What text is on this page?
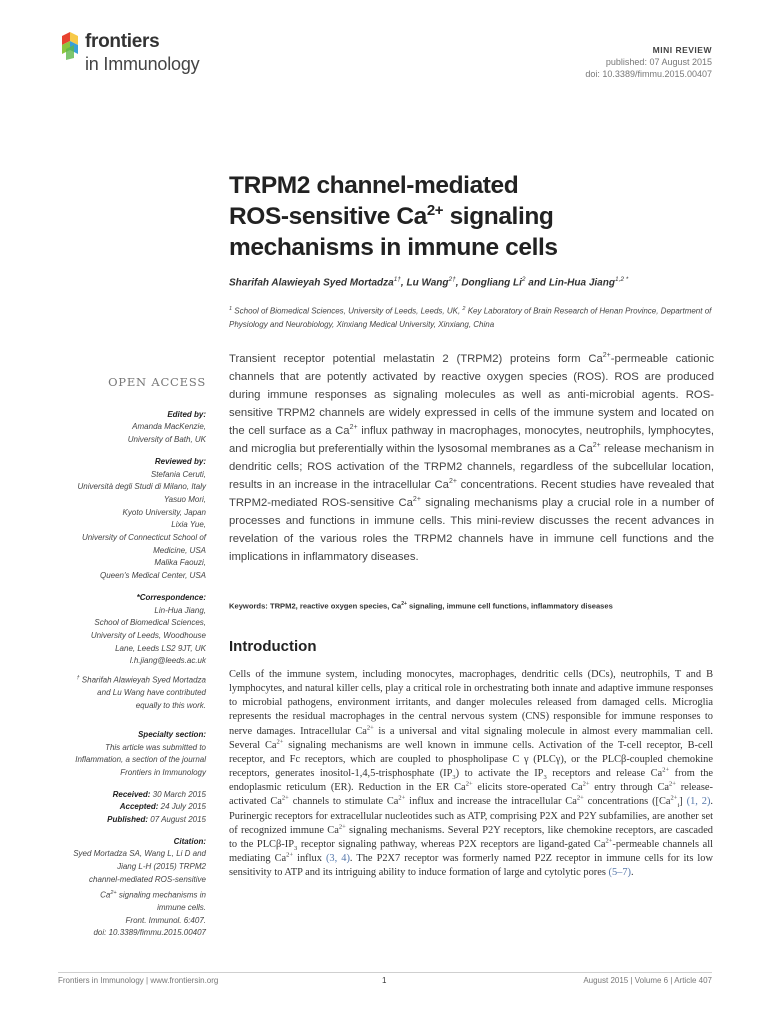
frontiers
in Immunology
MINI REVIEW
published: 07 August 2015
doi: 10.3389/fimmu.2015.00407
TRPM2 channel-mediated
ROS-sensitive $Ca^{2+}$ signaling
mechanisms in immune cells
Sharifah Alawieyah Syed Mortadza$^{1\dagger}$, Lu Wang$^{2\dagger}$, Dongliang Li$^2$ and Lin-Hua Jiang$^{1,2 *}$
$^1$ School of Biomedical Sciences, University of Leeds, Leeds, UK, $^2$ Key Laboratory of Brain Research of Henan Province, Department of Physiology and Neurobiology, Xinxiang Medical University, Xinxiang, China
OPEN ACCESS
Edited by:
Amanda MacKenzie,
University of Bath, UK
Reviewed by:
Stefania Ceruti,
Università degli Studi di Milano, Italy
Yasuo Mori,
Kyoto University, Japan
Lixia Yue,
University of Connecticut School of
Medicine, USA
Malika Faouzi,
Queen's Medical Center, USA
*Correspondence:
Lin-Hua Jiang,
School of Biomedical Sciences,
University of Leeds, Woodhouse
Lane, Leeds LS2 9JT, UK
l.h.jiang@leeds.ac.uk
† Sharifah Alawieyah Syed Mortadza
and Lu Wang have contributed
equally to this work.
Specialty section:
This article was submitted to
Inflammation, a section of the journal
Frontiers in Immunology
Received: 30 March 2015
Accepted: 24 July 2015
Published: 07 August 2015
Citation:
Syed Mortadza SA, Wang L, Li D and
Jiang L-H (2015) TRPM2
channel-mediated ROS-sensitive
$Ca^{2+}$ signaling mechanisms in
immune cells.
Front. Immunol. 6:407.
doi: 10.3389/fimmu.2015.00407
Transient receptor potential melastatin 2 (TRPM2) proteins form $Ca^{2+}$-permeable cationic channels that are potently activated by reactive oxygen species (ROS). ROS are produced during immune responses as signaling molecules as well as anti-microbial agents. ROS-sensitive TRPM2 channels are widely expressed in cells of the immune system and located on the cell surface as a $Ca^{2+}$ influx pathway in macrophages, monocytes, neutrophils, lymphocytes, and microglia but preferentially within the lysosomal membranes as a $Ca^{2+}$ release mechanism in dendritic cells; ROS activation of the TRPM2 channels, regardless of the subcellular location, results in an increase in the intracellular $Ca^{2+}$ concentrations. Recent studies have revealed that TRPM2-mediated ROS-sensitive $Ca^{2+}$ signaling mechanisms play a crucial role in a number of processes and functions in immune cells. This mini-review discusses the recent advances in revelation of the various roles the TRPM2 channels have in immune cell functions and the implications in inflammatory diseases.
Keywords: TRPM2, reactive oxygen species, $Ca^{2+}$ signaling, immune cell functions, inflammatory diseases
Introduction
Cells of the immune system, including monocytes, macrophages, dendritic cells (DCs), neutrophils, T and B lymphocytes, and natural killer cells, play a critical role in orchestrating both innate and adaptive immune responses to microbial pathogens, environment irritants, and danger molecules released from damaged cells. Microglia represents the residual macrophages in the central nervous system (CNS) responsible for immune responses to nerve damages. Intracellular $Ca^{2+}$ is a universal and vital signaling molecule in almost every mammalian cell. Several $Ca^{2+}$ signaling mechanisms are well known in immune cells. Activation of the T-cell receptor, B-cell receptor, and Fc receptors, which are coupled to phospholipase C γ (PLCγ), or the PLCβ-coupled chemokine receptors, generates inositol-1,4,5-trisphosphate $(IP_3)$ to activate the $IP_3$ receptors and release $Ca^{2+}$ from the endoplasmic reticulum (ER). Reduction in the ER $Ca^{2+}$ elicits store-operated $Ca^{2+}$ entry through $Ca^{2+}$ release-activated $Ca^{2+}$ channels to stimulate $Ca^{2+}$ influx and increase the intracellular $Ca^{2+}$ concentrations ($[Ca^{2+}_i]$ (1, 2). Purinergic receptors for extracellular nucleotides such as ATP, comprising P2X and P2Y subfamilies, are another set of recognized immune $Ca^{2+}$ signaling mechanisms. Several P2Y receptors, like chemokine receptors, are cascaded to the PLCβ-$IP_3$ receptor signaling pathway, whereas P2X receptors are ligand-gated $Ca^{2+}$-permeable channels all mediating $Ca^{2+}$ influx (3, 4). The P2X7 receptor was formerly named P2Z receptor in immune cells for its low sensitivity to ATP and its intriguing ability to induce formation of large and cytolytic pores (5–7).
Frontiers in Immunology | www.frontiersin.org	1	August 2015 | Volume 6 | Article 407
